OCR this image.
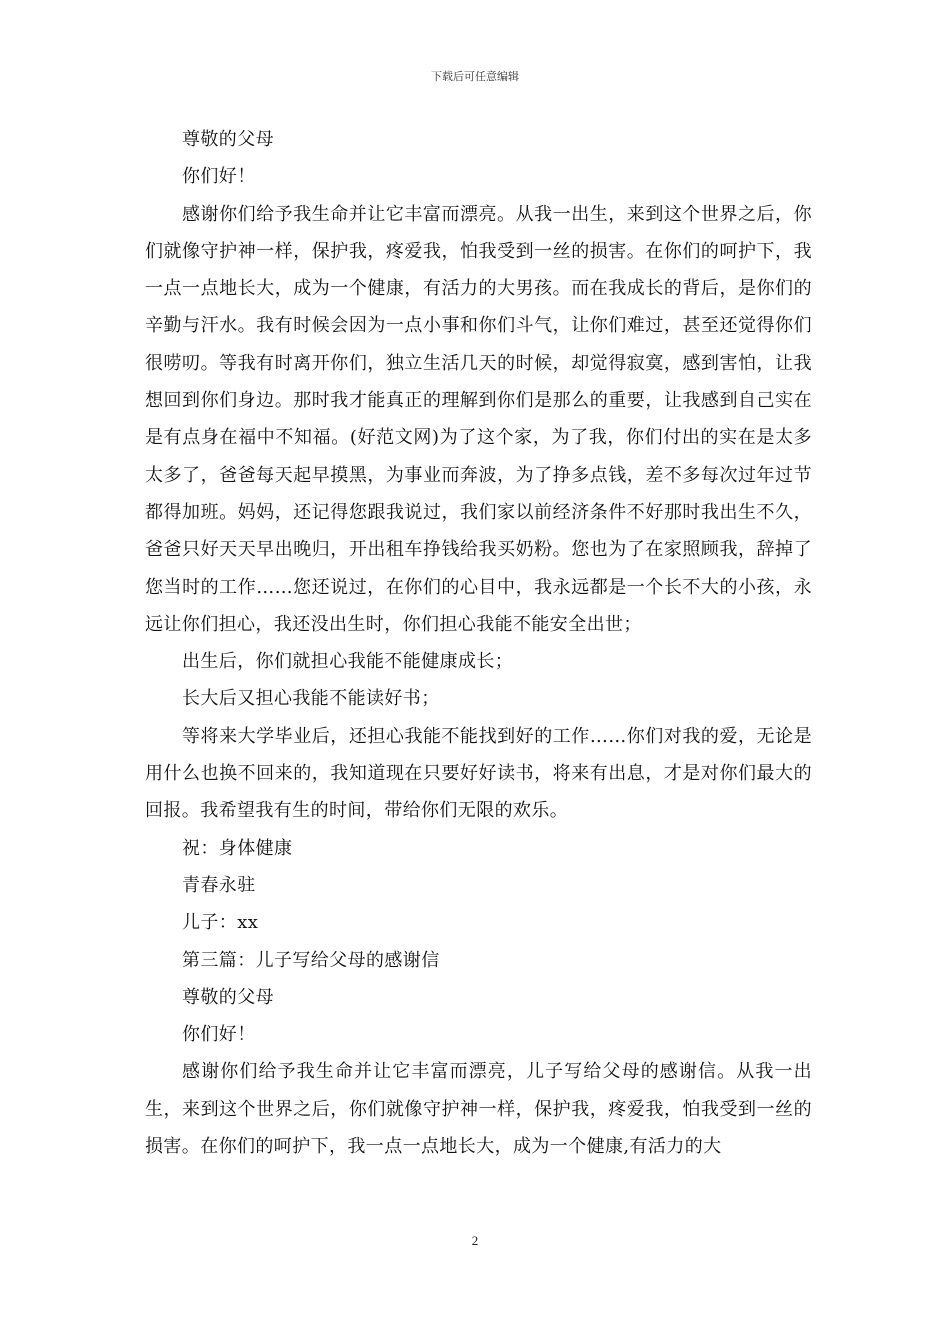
下载后可任意编辑

尊敬的父母

你们好！

感谢你们给予我生命并让它丰富而漂亮。从我一出生，来到这个世界之后，你们就像守护神一样，保护我，疼爱我，怕我受到一丝的损害。在你们的呵护下，我一点一点地长大，成为一个健康，有活力的大男孩。而在我成长的背后，是你们的辛勤与汗水。我有时候会因为一点小事和你们斗气，让你们难过，甚至还觉得你们很唠叨。等我有时离开你们，独立生活几天的时候，却觉得寂寞，感到害怕，让我想回到你们身边。那时我才能真正的理解到你们是那么的重要，让我感到自己实在是有点身在福中不知福。(好范文网)为了这个家，为了我，你们付出的实在是太多太多了，爸爸每天起早摸黑，为事业而奔波，为了挣多点钱，差不多每次过年过节都得加班。妈妈，还记得您跟我说过，我们家以前经济条件不好那时我出生不久，爸爸只好天天早出晚归，开出租车挣钱给我买奶粉。您也为了在家照顾我，辞掉了您当时的工作……您还说过，在你们的心目中，我永远都是一个长不大的小孩，永远让你们担心，我还没出生时，你们担心我能不能安全出世；

出生后，你们就担心我能不能健康成长；

长大后又担心我能不能读好书；

等将来大学毕业后，还担心我能不能找到好的工作……你们对我的爱，无论是用什么也换不回来的，我知道现在只要好好读书，将来有出息，才是对你们最大的回报。我希望我有生的时间，带给你们无限的欢乐。

祝：身体健康

青春永驻

儿子：xx

第三篇：儿子写给父母的感谢信

尊敬的父母

你们好！

感谢你们给予我生命并让它丰富而漂亮，儿子写给父母的感谢信。从我一出生，来到这个世界之后，你们就像守护神一样，保护我，疼爱我，怕我受到一丝的损害。在你们的呵护下，我一点一点地长大，成为一个健康,有活力的大

2
